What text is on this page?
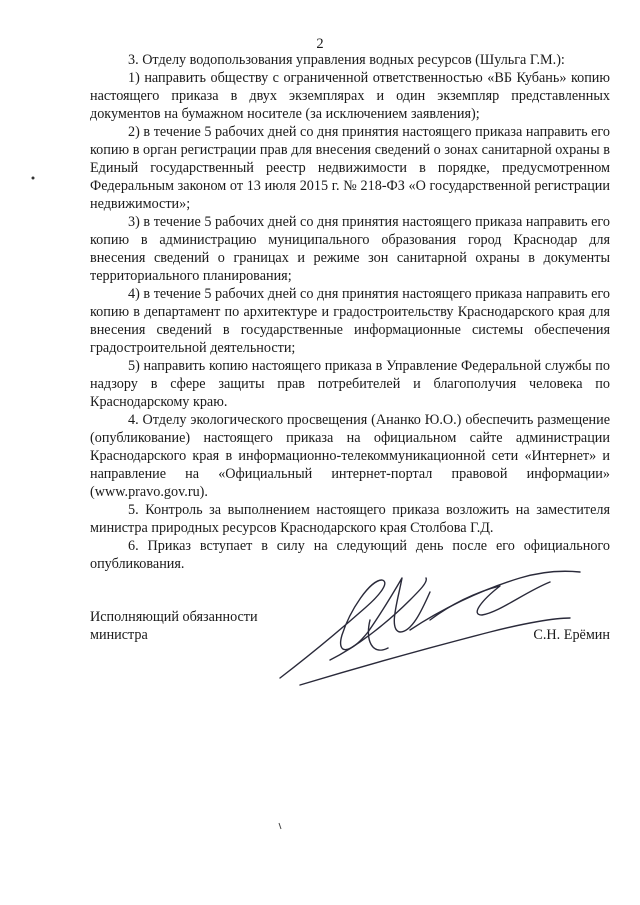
2

3. Отделу водопользования управления водных ресурсов (Шульга Г.М.):

1) направить обществу с ограниченной ответственностью «ВБ Кубань» копию настоящего приказа в двух экземплярах и один экземпляр представленных документов на бумажном носителе (за исключением заявления);

2) в течение 5 рабочих дней со дня принятия настоящего приказа направить его копию в орган регистрации прав для внесения сведений о зонах санитарной охраны в Единый государственный реестр недвижимости в порядке, предусмотренном Федеральным законом от 13 июля 2015 г. № 218-ФЗ «О государственной регистрации недвижимости»;

3) в течение 5 рабочих дней со дня принятия настоящего приказа направить его копию в администрацию муниципального образования город Краснодар для внесения сведений о границах и режиме зон санитарной охраны в документы территориального планирования;

4) в течение 5 рабочих дней со дня принятия настоящего приказа направить его копию в департамент по архитектуре и градостроительству Краснодарского края для внесения сведений в государственные информационные системы обеспечения градостроительной деятельности;

5) направить копию настоящего приказа в Управление Федеральной службы по надзору в сфере защиты прав потребителей и благополучия человека по Краснодарскому краю.

4. Отделу экологического просвещения (Ананко Ю.О.) обеспечить размещение (опубликование) настоящего приказа на официальном сайте администрации Краснодарского края в информационно-телекоммуникационной сети «Интернет» и направление на «Официальный интернет-портал правовой информации» (www.pravo.gov.ru).

5. Контроль за выполнением настоящего приказа возложить на заместителя министра природных ресурсов Краснодарского края Столбова Г.Д.

6. Приказ вступает в силу на следующий день после его официального опубликования.

Исполняющий обязанности
министра	С.Н. Ерёмин
